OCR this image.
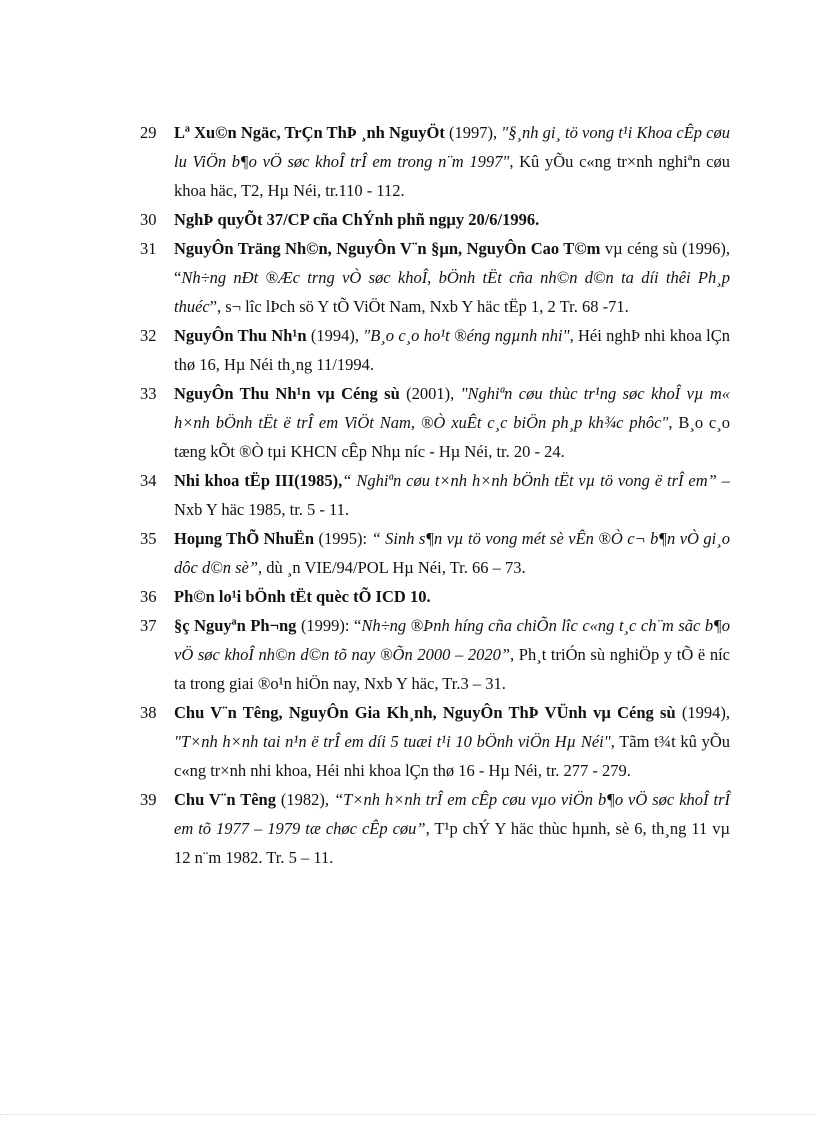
29	Lª Xu©n Ngäc, TrÇn ThÞ ¸nh NguyÖt (1997), "§¸nh gi¸ tö vong t¹i Khoa cÊp cøu lu ViÖn b¶o vÖ søc khoÎ trÎ em trong n¨m 1997", Kû yÕu c«ng tr×nh nghiªn cøu khoa häc, T2, Hµ Néi, tr.110 - 112.
30	NghÞ quyÕt 37/CP cña ChÝnh phñ ngµy 20/6/1996.
31	NguyÔn Träng Nh©n, NguyÔn V¨n §µn, NguyÔn Cao T©m vµ céng sù (1996), “Nh÷ng nÐt ®Æc trng vÒ søc khoÎ, bÖnh tËt cña nh©n d©n ta díi thêi Ph¸p thuéc”, s¬ lîc lÞch sö Y tÕ ViÖt Nam, Nxb Y häc tËp 1, 2 Tr. 68 -71.
32	NguyÔn Thu Nh¹n (1994), "B¸o c¸o ho¹t ®éng ngµnh nhi", Héi nghÞ nhi khoa lÇn thø 16, Hµ Néi th¸ng 11/1994.
33	NguyÔn Thu Nh¹n vµ Céng sù (2001), "Nghiªn cøu thùc tr¹ng søc khoÎ vµ m« h×nh bÖnh tËt ë trÎ em ViÖt Nam, ®Ò xuÊt c¸c biÖn ph¸p kh¾c phôc", B¸o c¸o tæng kÕt ®Ò tµi KHCN cÊp Nhµ níc - Hµ Néi, tr. 20 - 24.
34	Nhi khoa tËp III(1985),“ Nghiªn cøu t×nh h×nh bÖnh tËt vµ tö vong ë trÎ em” – Nxb Y häc 1985, tr. 5 - 11.
35	Hoµng ThÕ NhuËn (1995): “ Sinh s¶n vµ tö vong mét sè vÊn ®Ò c¬ b¶n vÒ gi¸o dôc d©n sè”, dù ¸n VIE/94/POL Hµ Néi, Tr. 66 – 73.
36	Ph©n lo¹i bÖnh tËt quèc tÕ ICD 10.
37	§ç Nguyªn Ph¬ng (1999): “Nh÷ng ®Þnh híng cña chiÕn lîc c«ng t¸c ch¨m sãc b¶o vÖ søc khoÎ nh©n d©n tõ nay ®Õn 2000 – 2020”, Ph¸t triÓn sù nghiÖp y tÕ ë níc ta trong giai ®o¹n hiÖn nay, Nxb Y häc, Tr.3 – 31.
38	Chu V¨n Têng, NguyÔn Gia Kh¸nh, NguyÔn ThÞ VÜnh vµ Céng sù (1994), "T×nh h×nh tai n¹n ë trÎ em díi 5 tuæi t¹i 10 bÖnh viÖn Hµ Néi", Tãm t¾t kû yÕu c«ng tr×nh nhi khoa, Héi nhi khoa lÇn thø 16 - Hµ Néi, tr. 277 - 279.
39	Chu V¨n Têng (1982), “T×nh h×nh trÎ em cÊp cøu vµo viÖn b¶o vÖ søc khoÎ trÎ em tõ 1977 – 1979 tæ chøc cÊp cøu”, T¹p chÝ Y häc thùc hµnh, sè 6, th¸ng 11 vµ 12 n¨m 1982. Tr. 5 – 11.
